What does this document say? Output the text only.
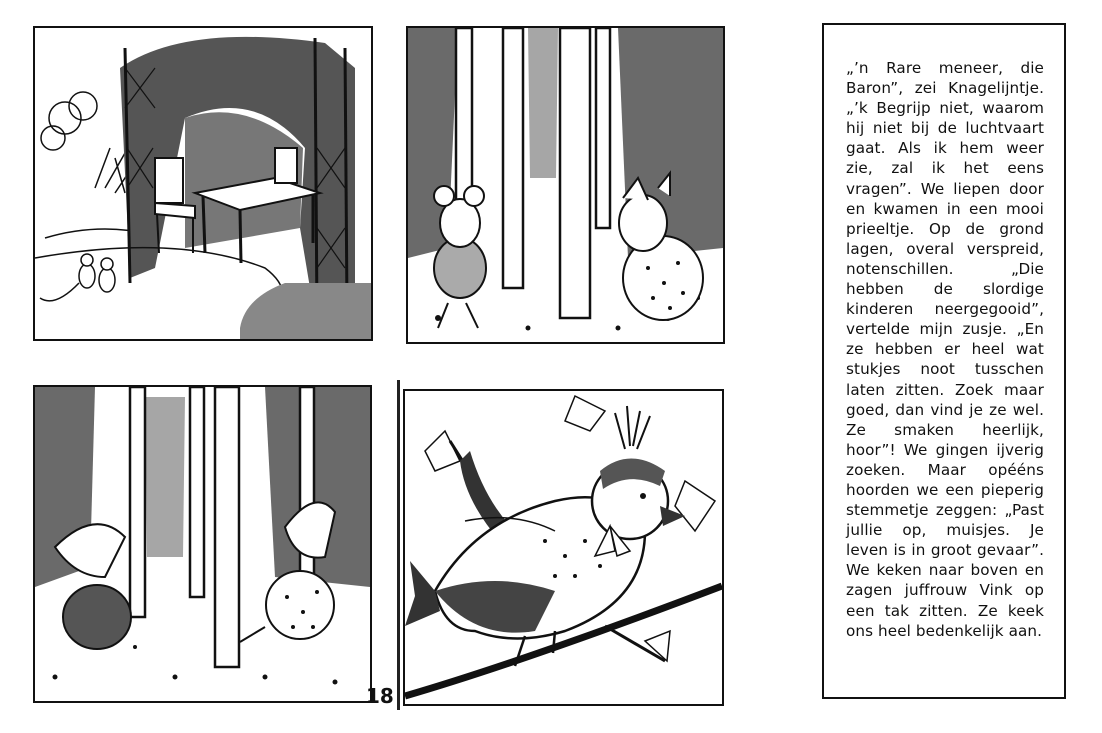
18
„’n Rare meneer, die Baron”, zei Knagelijntje. „’k Begrijp niet, waarom hij niet bij de luchtvaart gaat. Als ik hem weer zie, zal ik het eens vragen”. We liepen door en kwamen in een mooi prieeltje. Op de grond lagen, overal verspreid, notenschillen. „Die hebben de slordige kinderen neergegooid”, vertelde mijn zusje. „En ze hebben er heel wat stukjes noot tusschen laten zitten. Zoek maar goed, dan vind je ze wel. Ze smaken heerlijk, hoor”! We gingen ijverig zoeken. Maar opééns hoorden we een pieperig stemmetje zeggen: „Past jullie op, muisjes. Je leven is in groot gevaar”. We keken naar boven en zagen juffrouw Vink op een tak zitten. Ze keek ons heel bedenkelijk aan.
